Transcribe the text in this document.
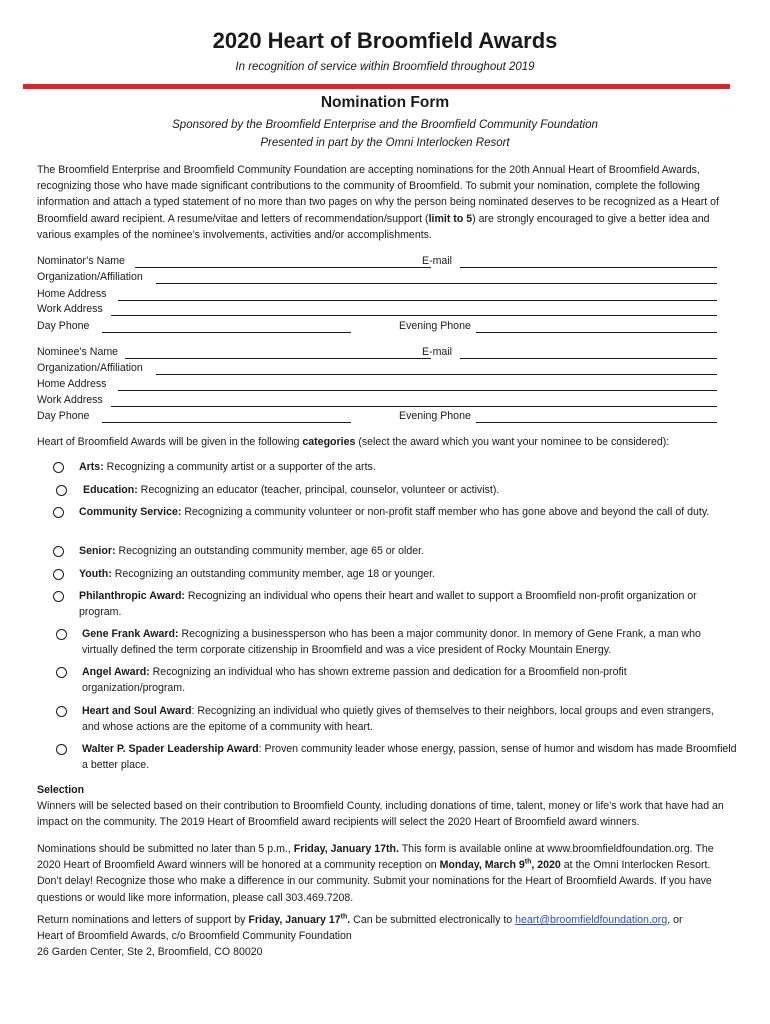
2020 Heart of Broomfield Awards
In recognition of service within Broomfield throughout 2019
Nomination Form
Sponsored by the Broomfield Enterprise and the Broomfield Community Foundation
Presented in part by the Omni Interlocken Resort
The Broomfield Enterprise and Broomfield Community Foundation are accepting nominations for the 20th Annual Heart of Broomfield Awards, recognizing those who have made significant contributions to the community of Broomfield. To submit your nomination, complete the following information and attach a typed statement of no more than two pages on why the person being nominated deserves to be recognized as a Heart of Broomfield award recipient. A resume/vitae and letters of recommendation/support (limit to 5) are strongly encouraged to give a better idea and various examples of the nominee’s involvements, activities and/or accomplishments.
Nominator’s Name	E-mail
Organization/Affiliation
Home Address
Work Address
Day Phone	Evening Phone
Nominee’s Name	E-mail
Organization/Affiliation
Home Address
Work Address
Day Phone	Evening Phone
Heart of Broomfield Awards will be given in the following categories (select the award which you want your nominee to be considered):
Arts: Recognizing a community artist or a supporter of the arts.
Education: Recognizing an educator (teacher, principal, counselor, volunteer or activist).
Community Service: Recognizing a community volunteer or non-profit staff member who has gone above and beyond the call of duty.
Senior: Recognizing an outstanding community member, age 65 or older.
Youth: Recognizing an outstanding community member, age 18 or younger.
Philanthropic Award: Recognizing an individual who opens their heart and wallet to support a Broomfield non-profit organization or program.
Gene Frank Award: Recognizing a businessperson who has been a major community donor. In memory of Gene Frank, a man who virtually defined the term corporate citizenship in Broomfield and was a vice president of Rocky Mountain Energy.
Angel Award: Recognizing an individual who has shown extreme passion and dedication for a Broomfield non-profit organization/program.
Heart and Soul Award: Recognizing an individual who quietly gives of themselves to their neighbors, local groups and even strangers, and whose actions are the epitome of a community with heart.
Walter P. Spader Leadership Award: Proven community leader whose energy, passion, sense of humor and wisdom has made Broomfield a better place.
Selection
Winners will be selected based on their contribution to Broomfield County, including donations of time, talent, money or life’s work that have had an impact on the community. The 2019 Heart of Broomfield award recipients will select the 2020 Heart of Broomfield award winners.
Nominations should be submitted no later than 5 p.m., Friday, January 17th. This form is available online at www.broomfieldfoundation.org. The 2020 Heart of Broomfield Award winners will be honored at a community reception on Monday, March 9th, 2020 at the Omni Interlocken Resort. Don’t delay! Recognize those who make a difference in our community. Submit your nominations for the Heart of Broomfield Awards. If you have questions or would like more information, please call 303.469.7208.
Return nominations and letters of support by Friday, January 17th. Can be submitted electronically to heart@broomfieldfoundation.org, or
Heart of Broomfield Awards, c/o Broomfield Community Foundation
26 Garden Center, Ste 2, Broomfield, CO 80020
